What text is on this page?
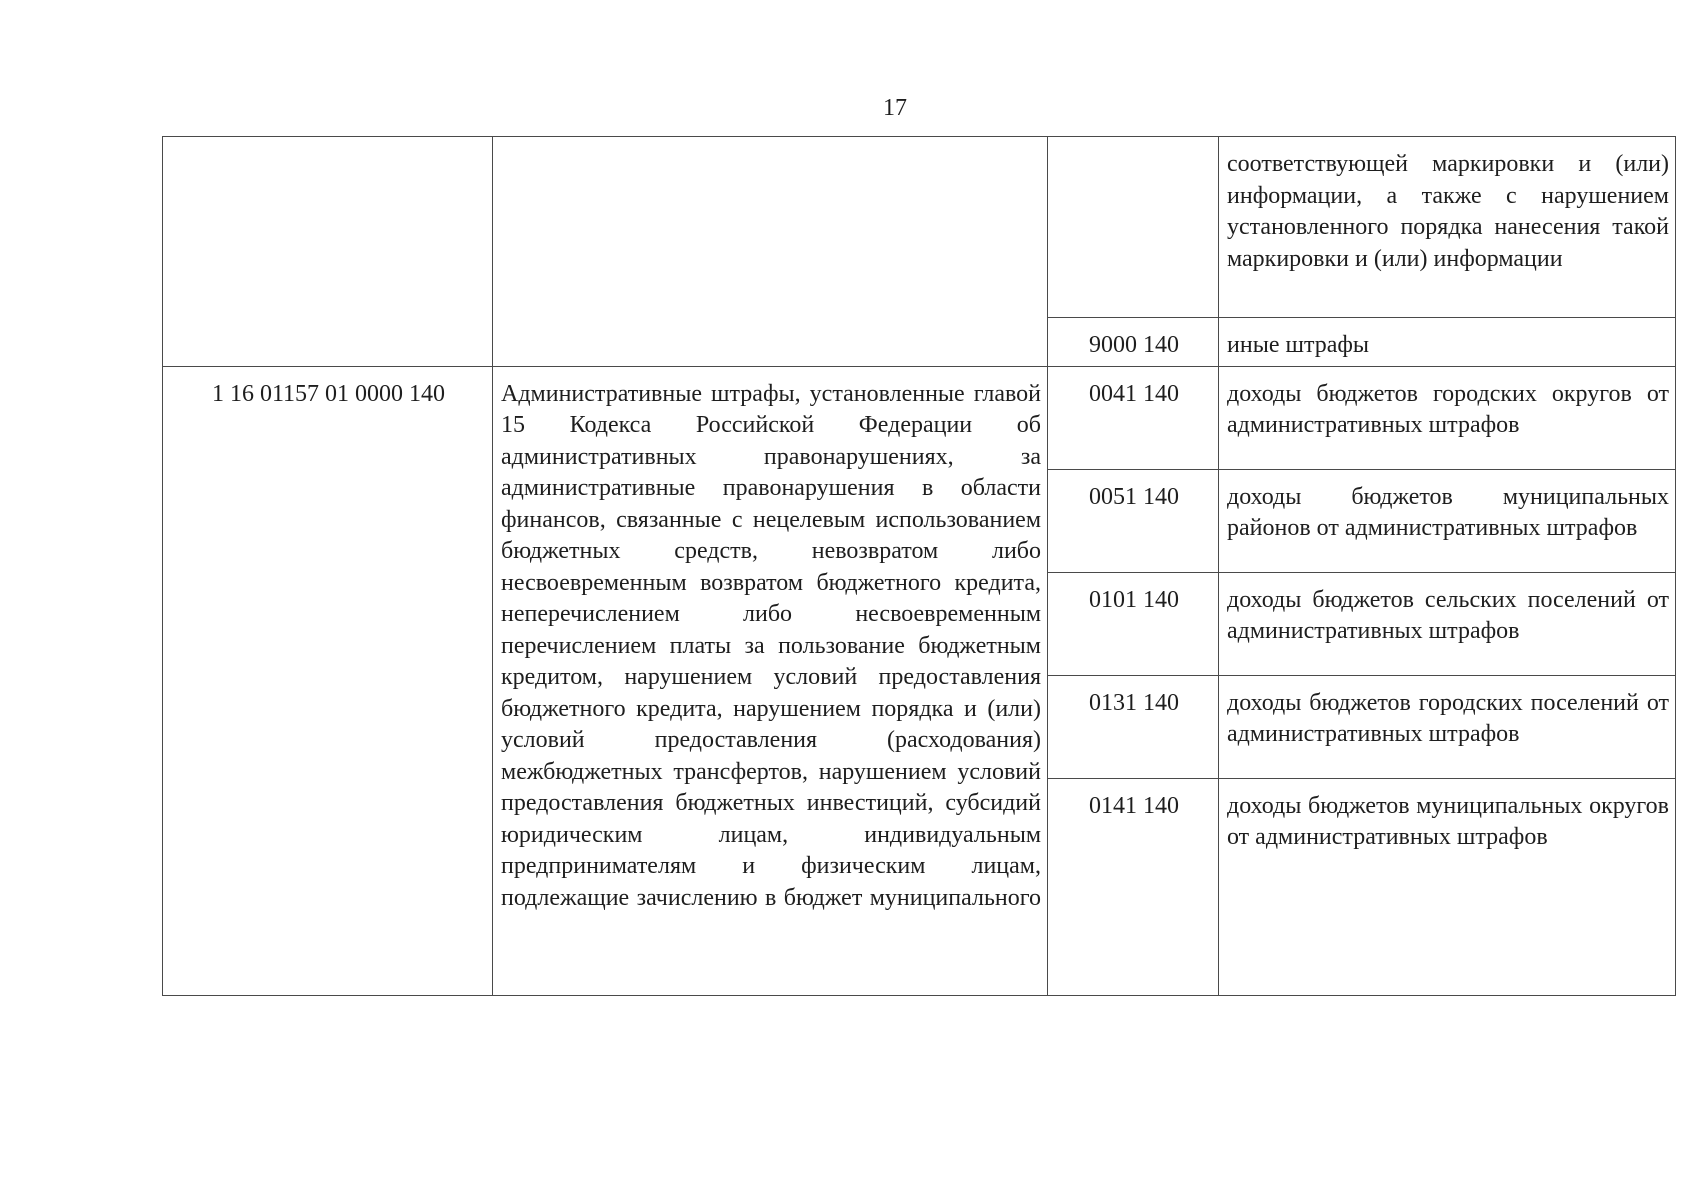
17

			соответствующей маркировки и (или) информации, а также с нарушением установленного порядка нанесения такой маркировки и (или) информации

		9000 140	иные штрафы

1 16 01157 01 0000 140	Административные штрафы, установленные главой 15 Кодекса Российской Федерации об административных правонарушениях, за административные правонарушения в области финансов, связанные с нецелевым использованием бюджетных средств, невозвратом либо несвоевременным возвратом бюджетного кредита, неперечислением либо несвоевременным перечислением платы за пользование бюджетным кредитом, нарушением условий предоставления бюджетного кредита, нарушением порядка и (или) условий предоставления (расходования) межбюджетных трансфертов, нарушением условий предоставления бюджетных инвестиций, субсидий юридическим лицам, индивидуальным предпринимателям и физическим лицам, подлежащие зачислению в бюджет муниципального	0041 140	доходы бюджетов городских округов от административных штрафов

		0051 140	доходы бюджетов муниципальных районов от административных штрафов

		0101 140	доходы бюджетов сельских поселений от административных штрафов

		0131 140	доходы бюджетов городских поселений от административных штрафов

		0141 140	доходы бюджетов муниципальных округов от административных штрафов
